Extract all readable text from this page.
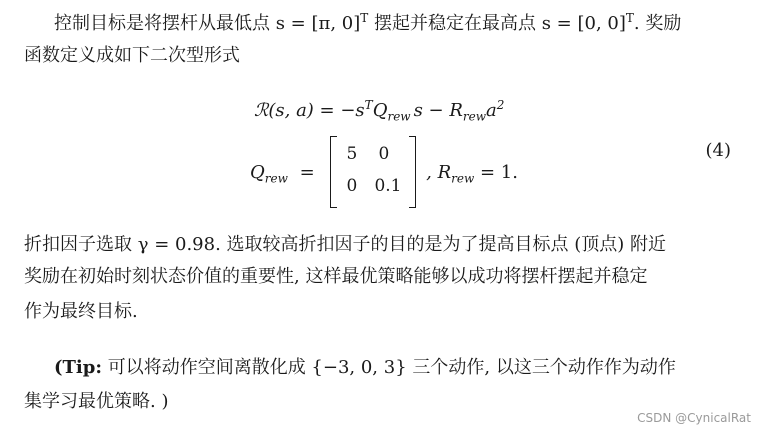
控制目标是将摆杆从最低点 s = [π, 0]$^T$ 摆起并稳定在最高点 s = [0, 0]$^T$. 奖励
函数定义成如下二次型形式
ℛ(s, $a) = -s^TQ_{rew}$ $s - R_{rew}a^2$
$Q_{rew}$ =
5 0
0 0.1
, $R_{rew} = 1$.
(4)
折扣因子选取 γ = 0.98. 选取较高折扣因子的目的是为了提高目标点 (顶点) 附近
奖励在初始时刻状态价值的重要性, 这样最优策略能够以成功将摆杆摆起并稳定
作为最终目标.
(Tip: 可以将动作空间离散化成 {−3, 0, 3} 三个动作, 以这三个动作作为动作
集学习最优策略. )
CSDN @CynicalRat
